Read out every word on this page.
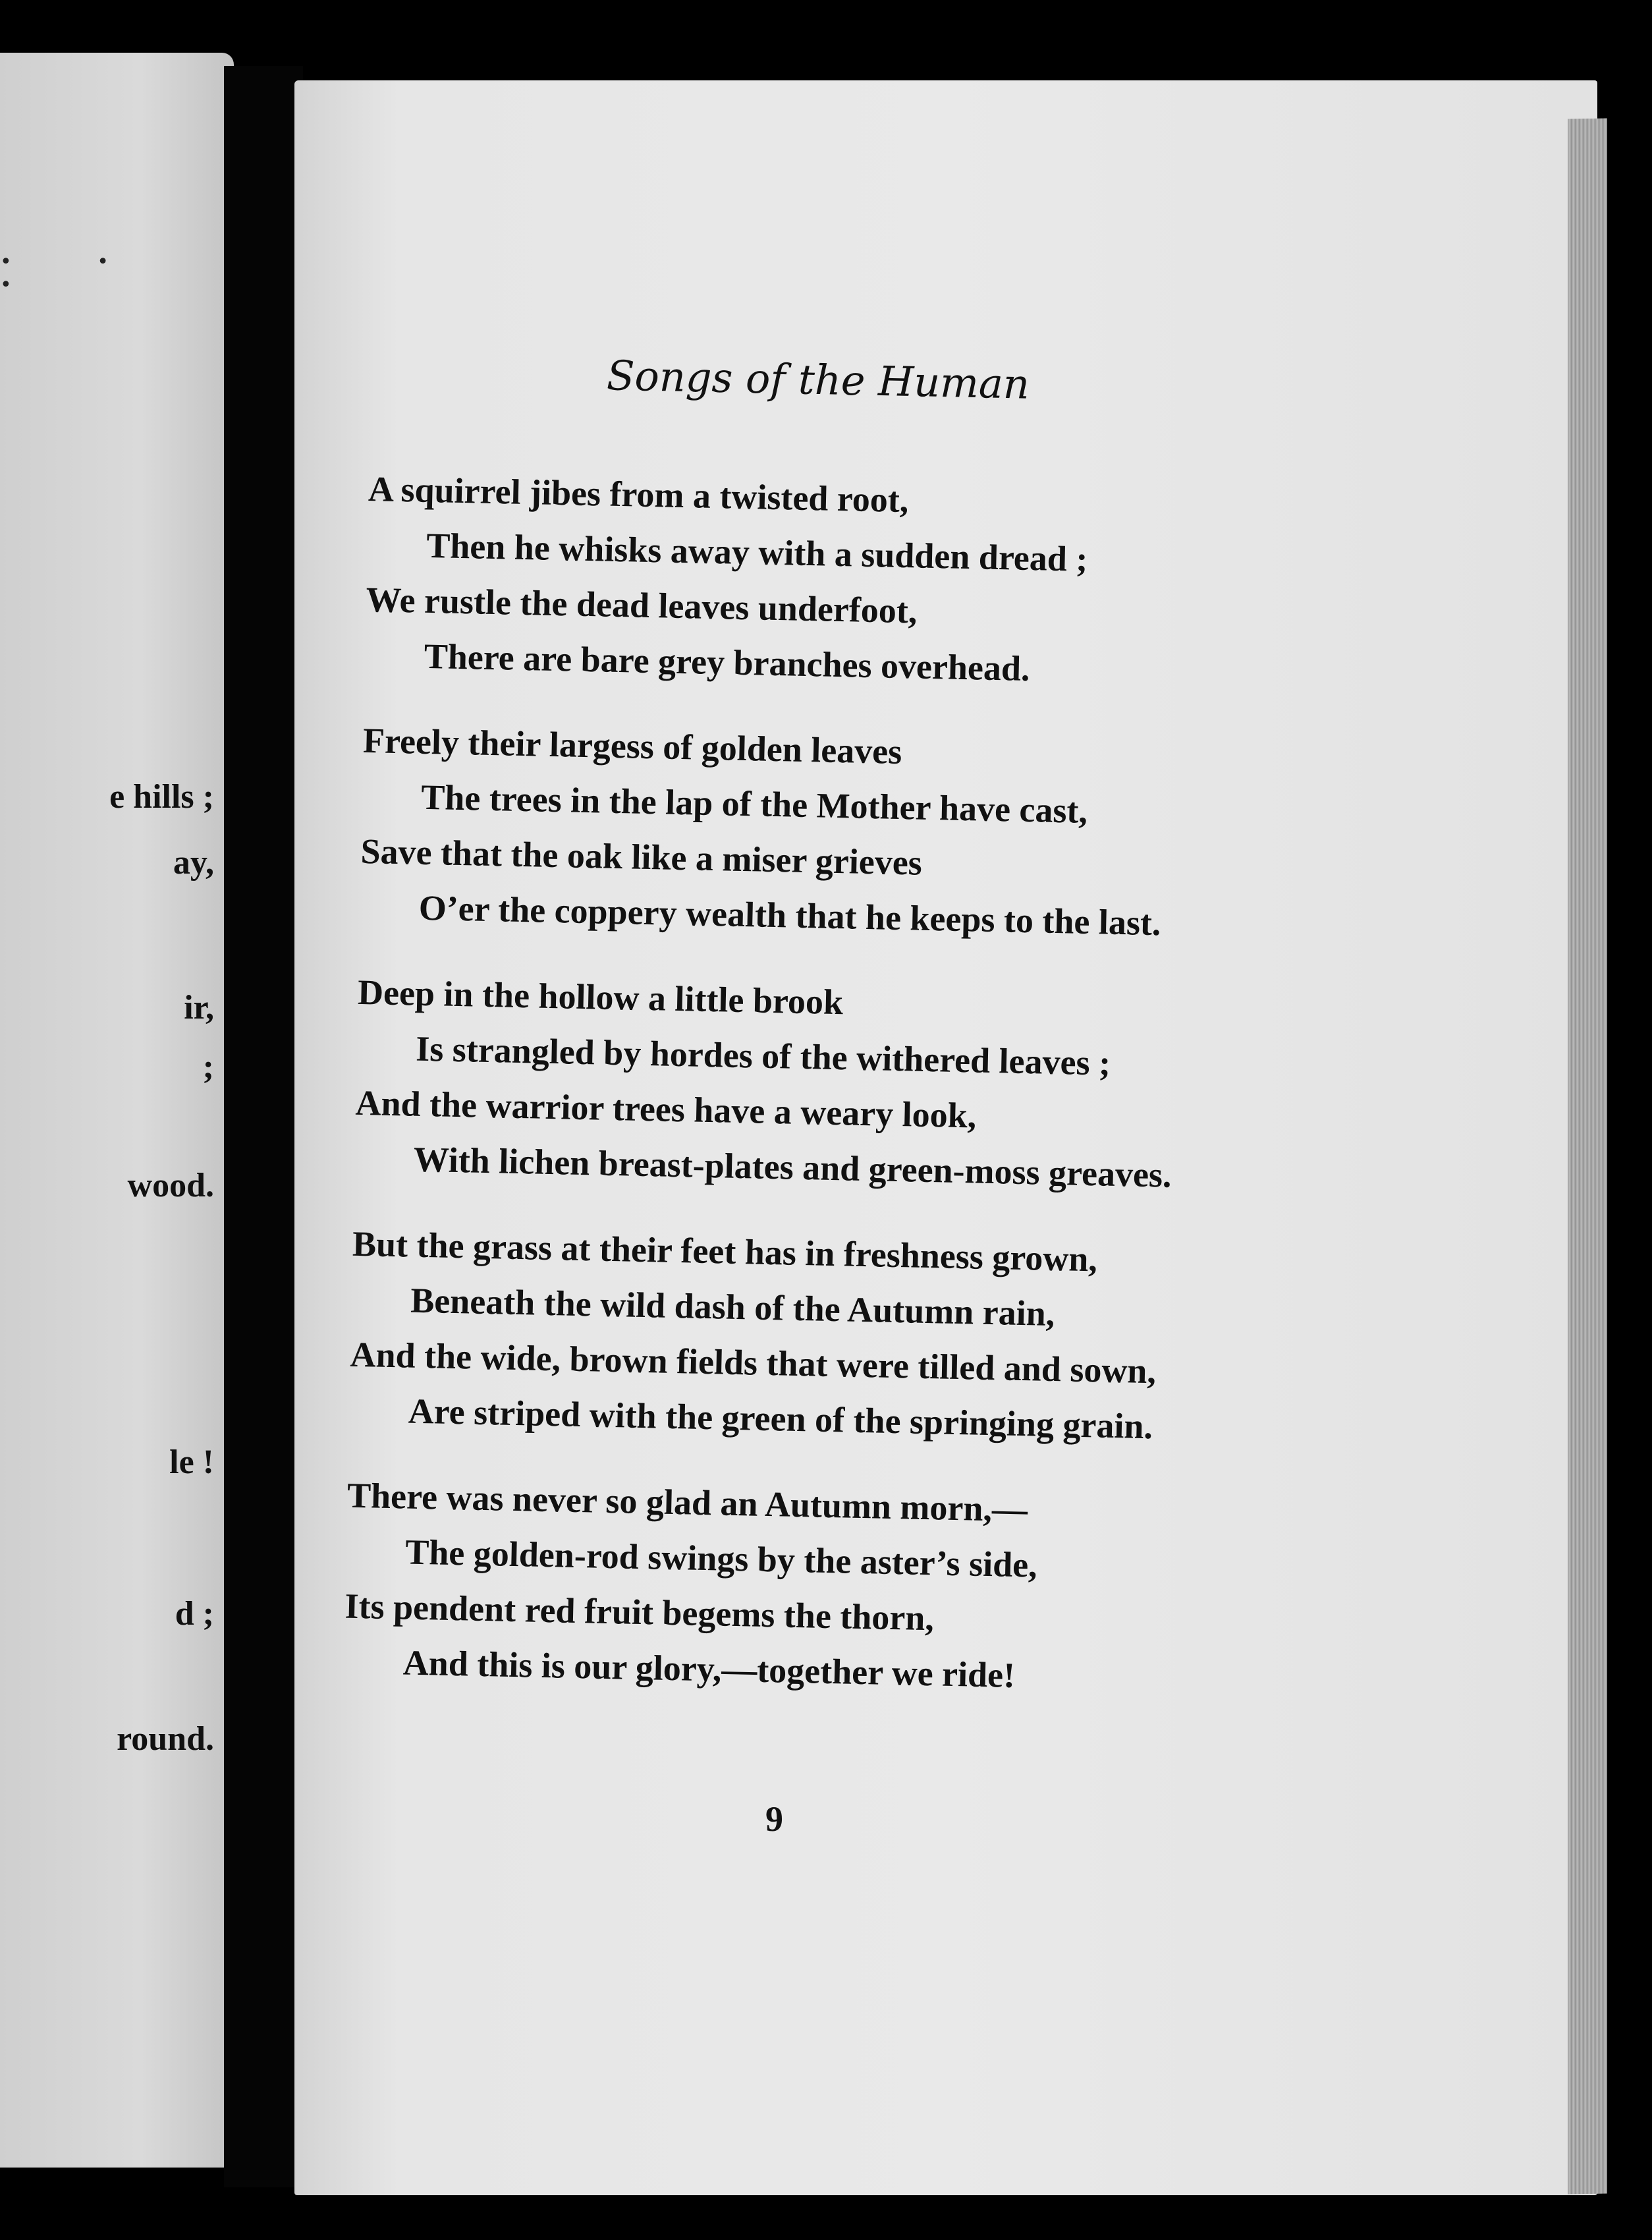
• • •
e hills ;
ay,
ir,
;
wood.
le !
d ;
round.
Songs of the Human
A squirrel jibes from a twisted root,
Then he whisks away with a sudden dread ;
We rustle the dead leaves underfoot,
There are bare grey branches overhead.
Freely their largess of golden leaves
The trees in the lap of the Mother have cast,
Save that the oak like a miser grieves
O’er the coppery wealth that he keeps to the last.
Deep in the hollow a little brook
Is strangled by hordes of the withered leaves ;
And the warrior trees have a weary look,
With lichen breast-plates and green-moss greaves.
But the grass at their feet has in freshness grown,
Beneath the wild dash of the Autumn rain,
And the wide, brown fields that were tilled and sown,
Are striped with the green of the springing grain.
There was never so glad an Autumn morn,—
The golden-rod swings by the aster’s side,
Its pendent red fruit begems the thorn,
And this is our glory,—together we ride!
9
